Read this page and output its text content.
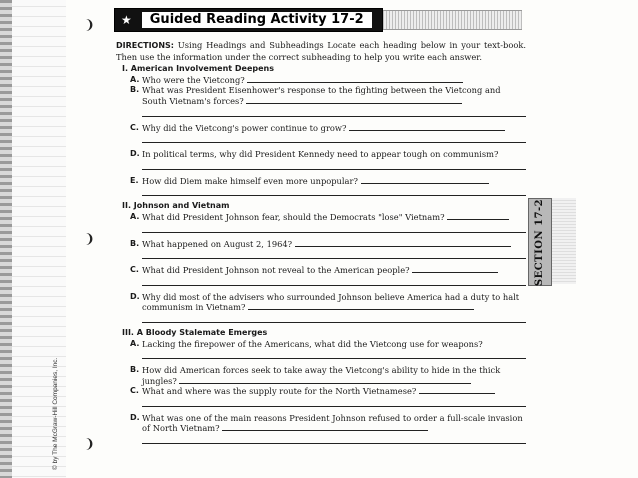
❩
❩
❩
© by The McGraw-Hill Companies, Inc.
★	Guided Reading Activity 17-2
SECTION 17-2

DIRECTIONS: Using Headings and Subheadings Locate each heading below in your text-book. Then use the information under the correct subheading to help you write each answer.

I. American Involvement Deepens
A. Who were the Vietcong?
B. What was President Eisenhower's response to the fighting between the Vietcong and South Vietnam's forces?
C. Why did the Vietcong's power continue to grow?
D. In political terms, why did President Kennedy need to appear tough on communism?
E. How did Diem make himself even more unpopular?
II. Johnson and Vietnam
A. What did President Johnson fear, should the Democrats "lose" Vietnam?
B. What happened on August 2, 1964?
C. What did President Johnson not reveal to the American people?
D. Why did most of the advisers who surrounded Johnson believe America had a duty to halt communism in Vietnam?
III. A Bloody Stalemate Emerges
A. Lacking the firepower of the Americans, what did the Vietcong use for weapons?
B. How did American forces seek to take away the Vietcong's ability to hide in the thick jungles?
C. What and where was the supply route for the North Vietnamese?
D. What was one of the main reasons President Johnson refused to order a full-scale invasion of North Vietnam?
